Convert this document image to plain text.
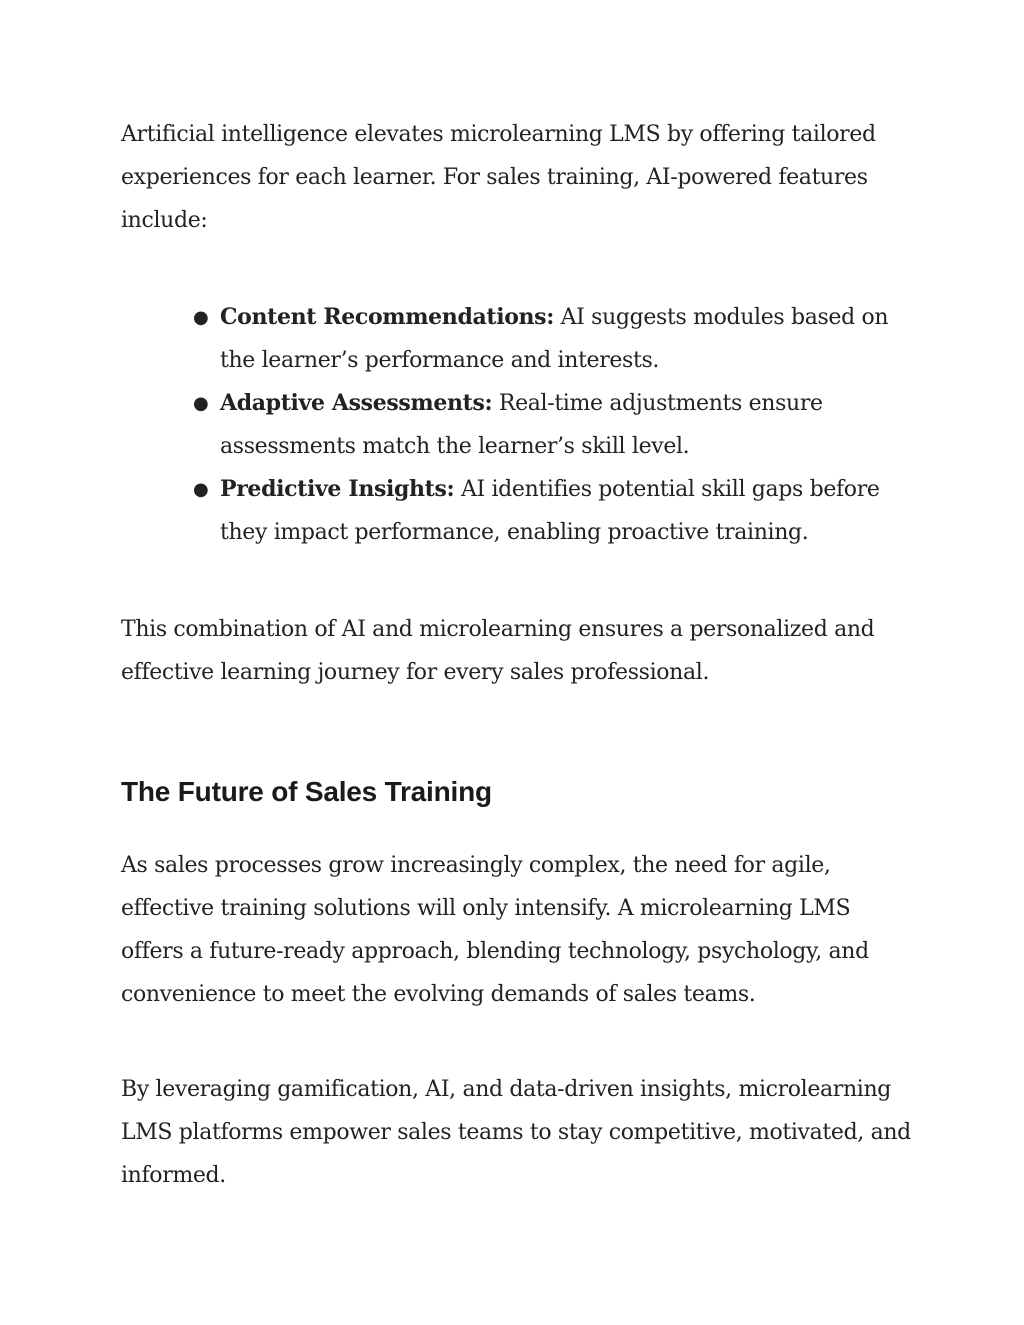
Artificial intelligence elevates microlearning LMS by offering tailored experiences for each learner. For sales training, AI-powered features include:

● Content Recommendations: AI suggests modules based on the learner’s performance and interests.
● Adaptive Assessments: Real-time adjustments ensure assessments match the learner’s skill level.
● Predictive Insights: AI identifies potential skill gaps before they impact performance, enabling proactive training.

This combination of AI and microlearning ensures a personalized and effective learning journey for every sales professional.

The Future of Sales Training

As sales processes grow increasingly complex, the need for agile, effective training solutions will only intensify. A microlearning LMS offers a future-ready approach, blending technology, psychology, and convenience to meet the evolving demands of sales teams.

By leveraging gamification, AI, and data-driven insights, microlearning LMS platforms empower sales teams to stay competitive, motivated, and informed.
